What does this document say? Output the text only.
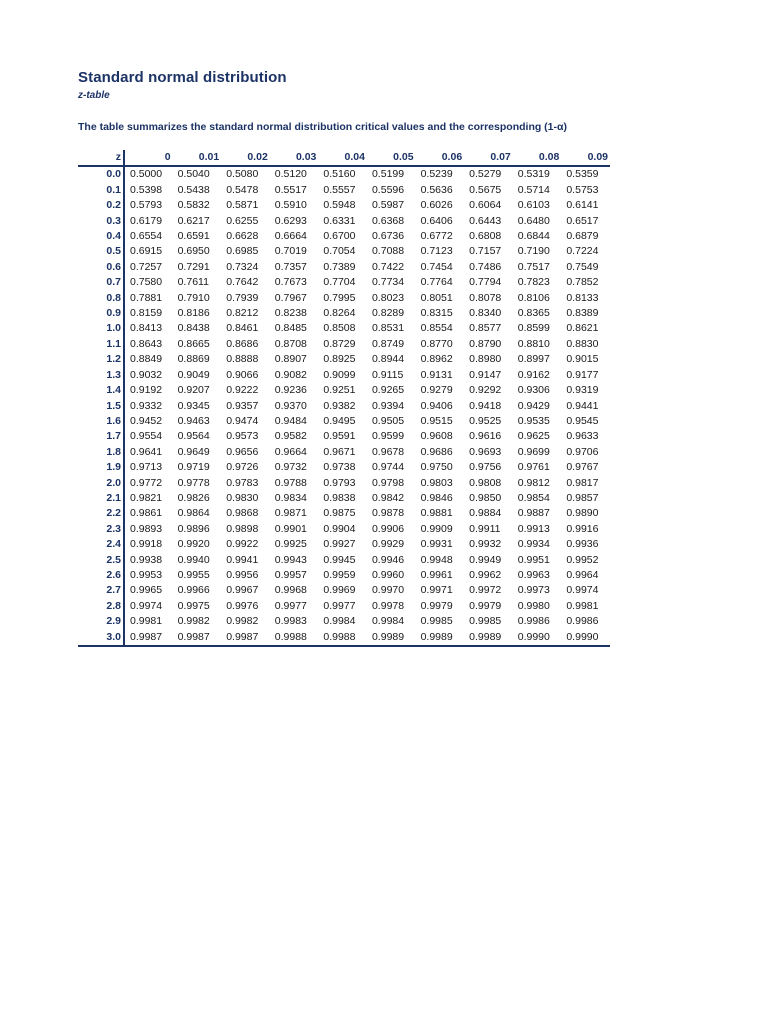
Standard normal distribution
z-table
The table summarizes the standard normal distribution critical values and the corresponding (1-α)
z	0	0.01	0.02	0.03	0.04	0.05	0.06	0.07	0.08	0.09
0.0	0.5000	0.5040	0.5080	0.5120	0.5160	0.5199	0.5239	0.5279	0.5319	0.5359
0.1	0.5398	0.5438	0.5478	0.5517	0.5557	0.5596	0.5636	0.5675	0.5714	0.5753
0.2	0.5793	0.5832	0.5871	0.5910	0.5948	0.5987	0.6026	0.6064	0.6103	0.6141
0.3	0.6179	0.6217	0.6255	0.6293	0.6331	0.6368	0.6406	0.6443	0.6480	0.6517
0.4	0.6554	0.6591	0.6628	0.6664	0.6700	0.6736	0.6772	0.6808	0.6844	0.6879
0.5	0.6915	0.6950	0.6985	0.7019	0.7054	0.7088	0.7123	0.7157	0.7190	0.7224
0.6	0.7257	0.7291	0.7324	0.7357	0.7389	0.7422	0.7454	0.7486	0.7517	0.7549
0.7	0.7580	0.7611	0.7642	0.7673	0.7704	0.7734	0.7764	0.7794	0.7823	0.7852
0.8	0.7881	0.7910	0.7939	0.7967	0.7995	0.8023	0.8051	0.8078	0.8106	0.8133
0.9	0.8159	0.8186	0.8212	0.8238	0.8264	0.8289	0.8315	0.8340	0.8365	0.8389
1.0	0.8413	0.8438	0.8461	0.8485	0.8508	0.8531	0.8554	0.8577	0.8599	0.8621
1.1	0.8643	0.8665	0.8686	0.8708	0.8729	0.8749	0.8770	0.8790	0.8810	0.8830
1.2	0.8849	0.8869	0.8888	0.8907	0.8925	0.8944	0.8962	0.8980	0.8997	0.9015
1.3	0.9032	0.9049	0.9066	0.9082	0.9099	0.9115	0.9131	0.9147	0.9162	0.9177
1.4	0.9192	0.9207	0.9222	0.9236	0.9251	0.9265	0.9279	0.9292	0.9306	0.9319
1.5	0.9332	0.9345	0.9357	0.9370	0.9382	0.9394	0.9406	0.9418	0.9429	0.9441
1.6	0.9452	0.9463	0.9474	0.9484	0.9495	0.9505	0.9515	0.9525	0.9535	0.9545
1.7	0.9554	0.9564	0.9573	0.9582	0.9591	0.9599	0.9608	0.9616	0.9625	0.9633
1.8	0.9641	0.9649	0.9656	0.9664	0.9671	0.9678	0.9686	0.9693	0.9699	0.9706
1.9	0.9713	0.9719	0.9726	0.9732	0.9738	0.9744	0.9750	0.9756	0.9761	0.9767
2.0	0.9772	0.9778	0.9783	0.9788	0.9793	0.9798	0.9803	0.9808	0.9812	0.9817
2.1	0.9821	0.9826	0.9830	0.9834	0.9838	0.9842	0.9846	0.9850	0.9854	0.9857
2.2	0.9861	0.9864	0.9868	0.9871	0.9875	0.9878	0.9881	0.9884	0.9887	0.9890
2.3	0.9893	0.9896	0.9898	0.9901	0.9904	0.9906	0.9909	0.9911	0.9913	0.9916
2.4	0.9918	0.9920	0.9922	0.9925	0.9927	0.9929	0.9931	0.9932	0.9934	0.9936
2.5	0.9938	0.9940	0.9941	0.9943	0.9945	0.9946	0.9948	0.9949	0.9951	0.9952
2.6	0.9953	0.9955	0.9956	0.9957	0.9959	0.9960	0.9961	0.9962	0.9963	0.9964
2.7	0.9965	0.9966	0.9967	0.9968	0.9969	0.9970	0.9971	0.9972	0.9973	0.9974
2.8	0.9974	0.9975	0.9976	0.9977	0.9977	0.9978	0.9979	0.9979	0.9980	0.9981
2.9	0.9981	0.9982	0.9982	0.9983	0.9984	0.9984	0.9985	0.9985	0.9986	0.9986
3.0	0.9987	0.9987	0.9987	0.9988	0.9988	0.9989	0.9989	0.9989	0.9990	0.9990
